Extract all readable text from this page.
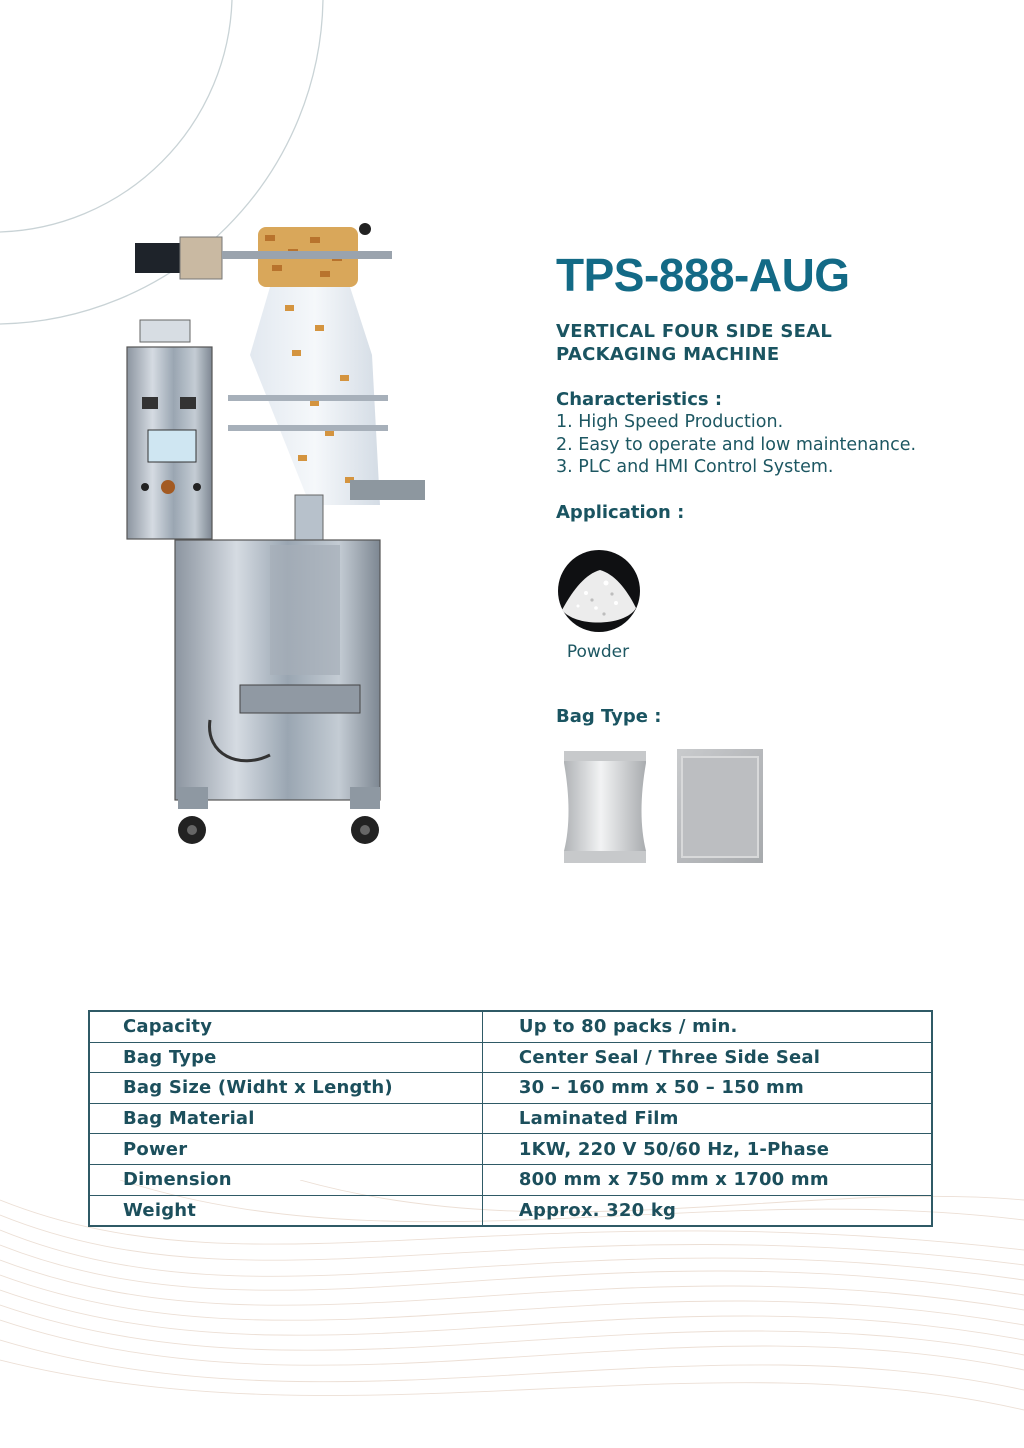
TPS-888-AUG
VERTICAL FOUR SIDE SEAL
PACKAGING MACHINE
Characteristics :
1. High Speed Production.
2. Easy to operate and low maintenance.
3. PLC and HMI Control System.
Application :
Powder
Bag Type :
Capacity	Up to 80 packs / min.
Bag Type	Center Seal / Three Side Seal
Bag Size (Widht x Length)	30 – 160 mm x 50 – 150 mm
Bag Material	Laminated Film
Power	1KW, 220 V 50/60 Hz, 1-Phase
Dimension	800 mm x 750 mm x 1700 mm
Weight	Approx. 320 kg
